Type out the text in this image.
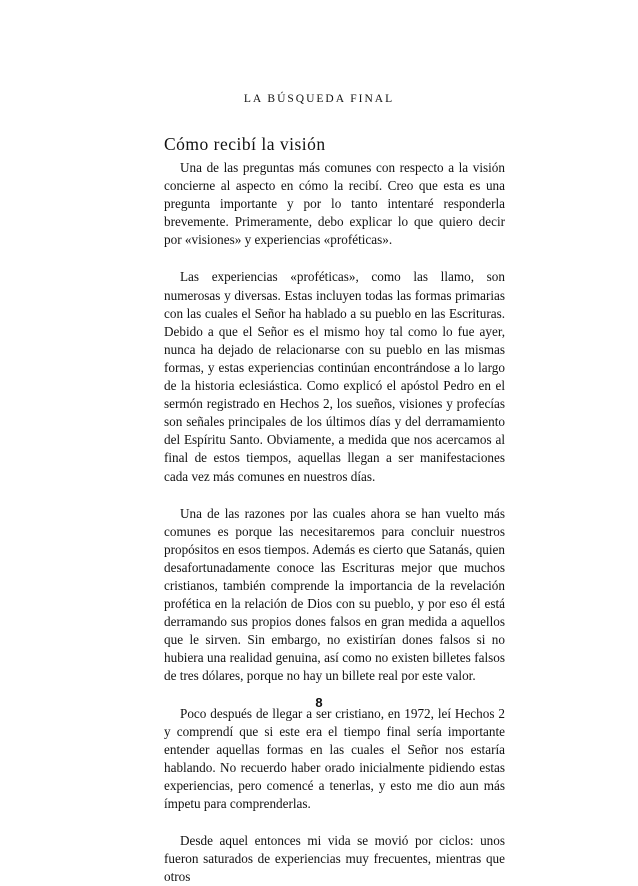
LA BÚSQUEDA FINAL
Cómo recibí la visión

Una de las preguntas más comunes con respecto a la visión concierne al aspecto en cómo la recibí. Creo que esta es una pregunta importante y por lo tanto intentaré responderla brevemente. Primeramente, debo explicar lo que quiero decir por «visiones» y experiencias «proféticas».

Las experiencias «proféticas», como las llamo, son numerosas y diversas. Estas incluyen todas las formas primarias con las cuales el Señor ha hablado a su pueblo en las Escrituras. Debido a que el Señor es el mismo hoy tal como lo fue ayer, nunca ha dejado de relacionarse con su pueblo en las mismas formas, y estas experiencias continúan encontrándose a lo largo de la historia eclesiástica. Como explicó el apóstol Pedro en el sermón registrado en Hechos 2, los sueños, visiones y profecías son señales principales de los últimos días y del derramamiento del Espíritu Santo. Obviamente, a medida que nos acercamos al final de estos tiempos, aquellas llegan a ser manifestaciones cada vez más comunes en nuestros días.

Una de las razones por las cuales ahora se han vuelto más comunes es porque las necesitaremos para concluir nuestros propósitos en esos tiempos. Además es cierto que Satanás, quien desafortunadamente conoce las Escrituras mejor que muchos cristianos, también comprende la importancia de la revelación profética en la relación de Dios con su pueblo, y por eso él está derramando sus propios dones falsos en gran medida a aquellos que le sirven. Sin embargo, no existirían dones falsos si no hubiera una realidad genuina, así como no existen billetes falsos de tres dólares, porque no hay un billete real por este valor.

Poco después de llegar a ser cristiano, en 1972, leí Hechos 2 y comprendí que si este era el tiempo final sería importante entender aquellas formas en las cuales el Señor nos estaría hablando. No recuerdo haber orado inicialmente pidiendo estas experiencias, pero comencé a tenerlas, y esto me dio aun más ímpetu para comprenderlas.

Desde aquel entonces mi vida se movió por ciclos: unos fueron saturados de experiencias muy frecuentes, mientras que otros

8
